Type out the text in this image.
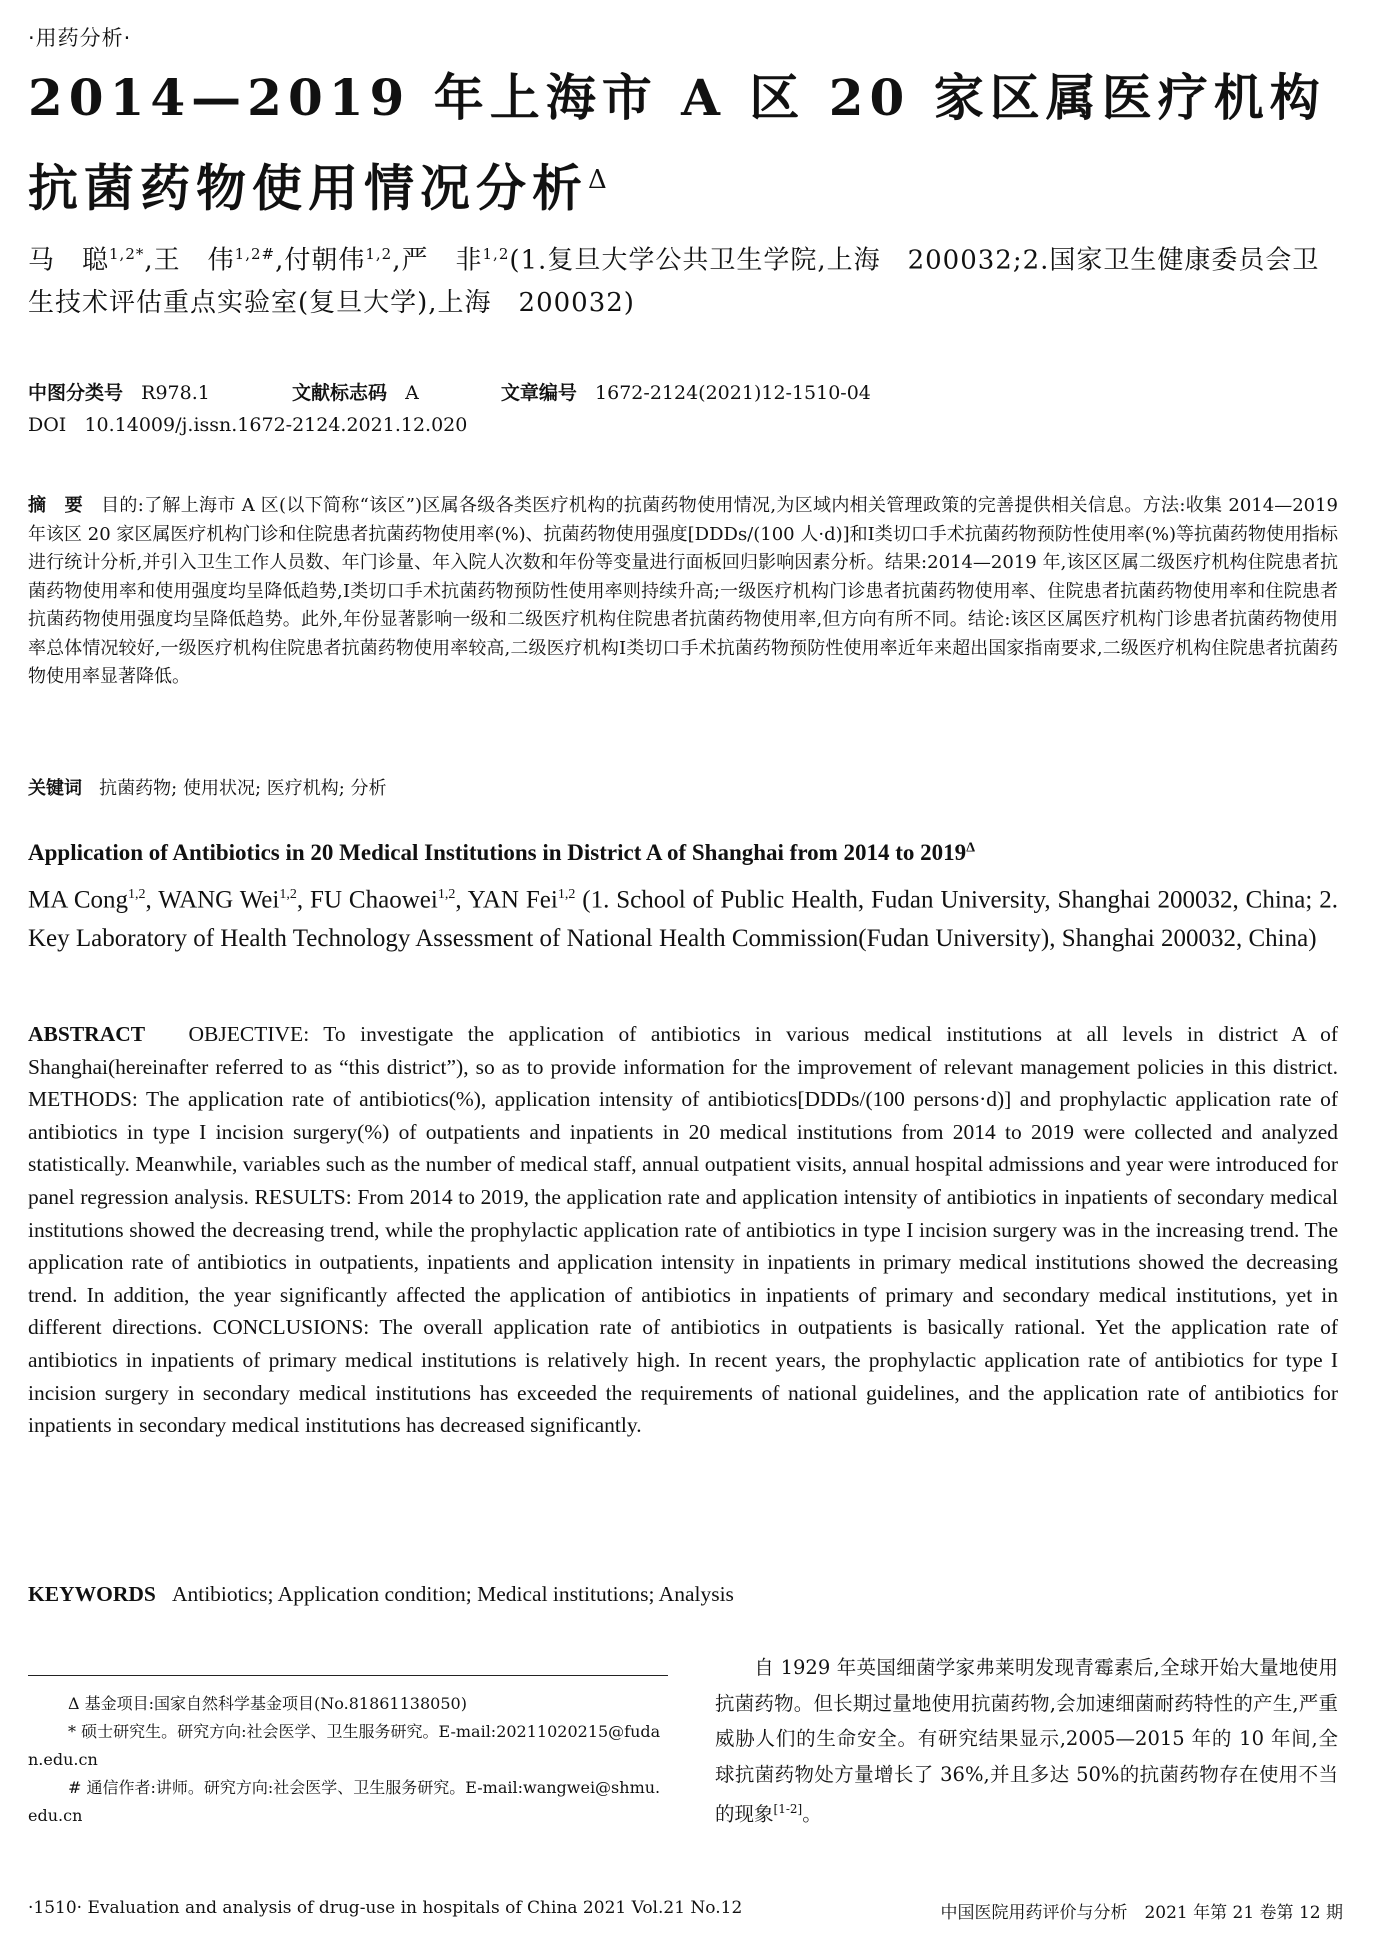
·用药分析·
2014—2019 年上海市 A 区 20 家区属医疗机构
抗菌药物使用情况分析$^\Delta$
马　聪$^{1,2*}$,王　伟$^{1,2\#}$,付朝伟$^{1,2}$,严　非$^{1,2}$(1.复旦大学公共卫生学院,上海　200032;2.国家卫生健康委员会卫生技术评估重点实验室(复旦大学),上海　200032)
中图分类号 R978.1	文献标志码 A	文章编号 1672-2124(2021)12-1510-04
DOI 10.14009/j.issn.1672-2124.2021.12.020
摘　要 目的:了解上海市 A 区(以下简称“该区”)区属各级各类医疗机构的抗菌药物使用情况,为区域内相关管理政策的完善提供相关信息。方法:收集 2014—2019 年该区 20 家区属医疗机构门诊和住院患者抗菌药物使用率(%)、抗菌药物使用强度[DDDs/(100 人·d)]和Ⅰ类切口手术抗菌药物预防性使用率(%)等抗菌药物使用指标进行统计分析,并引入卫生工作人员数、年门诊量、年入院人次数和年份等变量进行面板回归影响因素分析。结果:2014—2019 年,该区区属二级医疗机构住院患者抗菌药物使用率和使用强度均呈降低趋势,Ⅰ类切口手术抗菌药物预防性使用率则持续升高;一级医疗机构门诊患者抗菌药物使用率、住院患者抗菌药物使用率和住院患者抗菌药物使用强度均呈降低趋势。此外,年份显著影响一级和二级医疗机构住院患者抗菌药物使用率,但方向有所不同。结论:该区区属医疗机构门诊患者抗菌药物使用率总体情况较好,一级医疗机构住院患者抗菌药物使用率较高,二级医疗机构Ⅰ类切口手术抗菌药物预防性使用率近年来超出国家指南要求,二级医疗机构住院患者抗菌药物使用率显著降低。
关键词 抗菌药物; 使用状况; 医疗机构; 分析
Application of Antibiotics in 20 Medical Institutions in District A of Shanghai from 2014 to $2019^\Delta$
MA Cong$^{1,2}$, WANG Wei$^{1,2}$, FU Chaowei$^{1,2}$, YAN Fei$^{1,2}$ (1. School of Public Health, Fudan University, Shanghai 200032, China; 2. Key Laboratory of Health Technology Assessment of National Health Commission(Fudan University), Shanghai 200032, China)
ABSTRACT OBJECTIVE: To investigate the application of antibiotics in various medical institutions at all levels in district A of Shanghai(hereinafter referred to as “this district”), so as to provide information for the improvement of relevant management policies in this district. METHODS: The application rate of antibiotics(%), application intensity of antibiotics[DDDs/(100 persons·d)] and prophylactic application rate of antibiotics in type I incision surgery(%) of outpatients and inpatients in 20 medical institutions from 2014 to 2019 were collected and analyzed statistically. Meanwhile, variables such as the number of medical staff, annual outpatient visits, annual hospital admissions and year were introduced for panel regression analysis. RESULTS: From 2014 to 2019, the application rate and application intensity of antibiotics in inpatients of secondary medical institutions showed the decreasing trend, while the prophylactic application rate of antibiotics in type I incision surgery was in the increasing trend. The application rate of antibiotics in outpatients, inpatients and application intensity in inpatients in primary medical institutions showed the decreasing trend. In addition, the year significantly affected the application of antibiotics in inpatients of primary and secondary medical institutions, yet in different directions. CONCLUSIONS: The overall application rate of antibiotics in outpatients is basically rational. Yet the application rate of antibiotics in inpatients of primary medical institutions is relatively high. In recent years, the prophylactic application rate of antibiotics for type I incision surgery in secondary medical institutions has exceeded the requirements of national guidelines, and the application rate of antibiotics for inpatients in secondary medical institutions has decreased significantly.
KEYWORDS Antibiotics; Application condition; Medical institutions; Analysis
Δ 基金项目:国家自然科学基金项目(No.81861138050)
* 硕士研究生。研究方向:社会医学、卫生服务研究。E-mail:20211020215@fudan.edu.cn
# 通信作者:讲师。研究方向:社会医学、卫生服务研究。E-mail:wangwei@shmu.edu.cn
自 1929 年英国细菌学家弗莱明发现青霉素后,全球开始大量地使用抗菌药物。但长期过量地使用抗菌药物,会加速细菌耐药特性的产生,严重威胁人们的生命安全。有研究结果显示,2005—2015 年的 10 年间,全球抗菌药物处方量增长了 36%,并且多达 50%的抗菌药物存在使用不当的现象[1-2]。
·1510· Evaluation and analysis of drug-use in hospitals of China 2021 Vol.21 No.12	中国医院用药评价与分析　2021 年第 21 卷第 12 期
